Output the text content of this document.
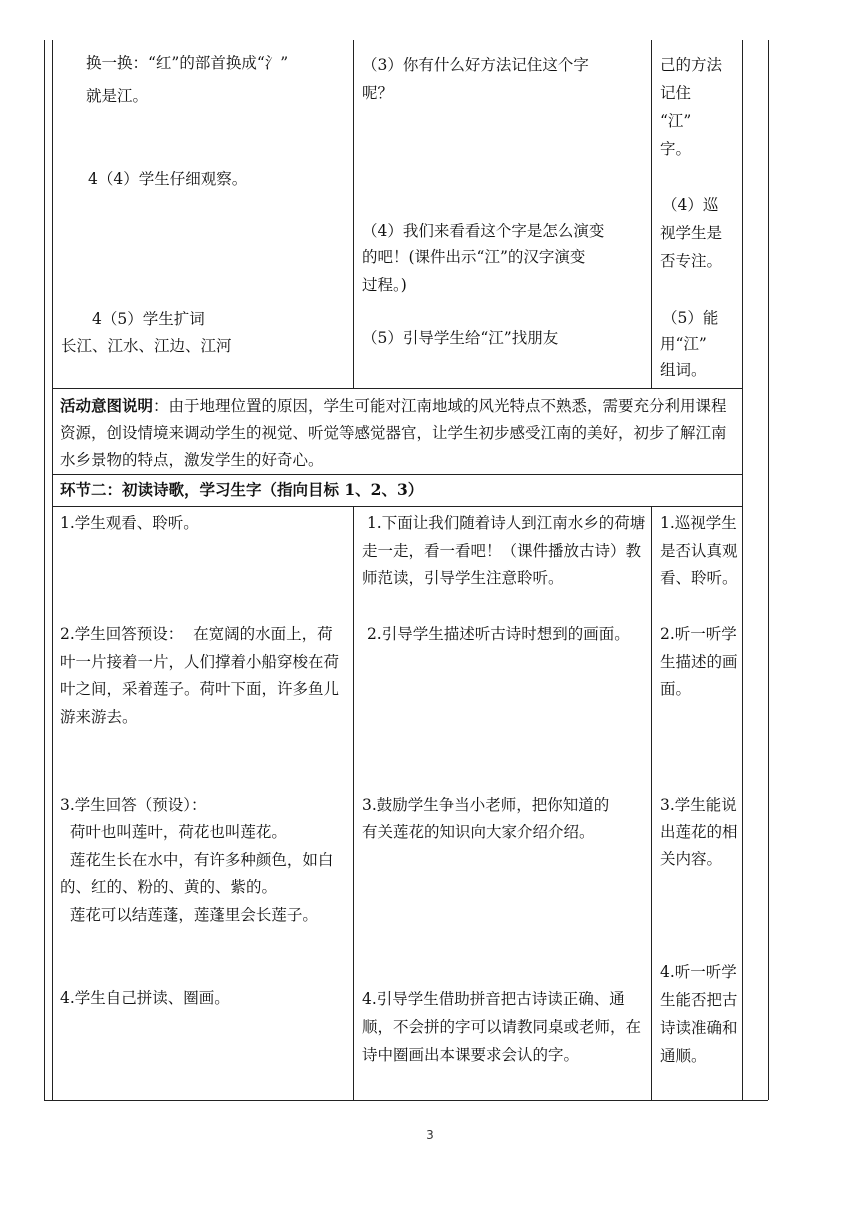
换一换：“红”的部首换成“氵”
就是江。
4（4）学生仔细观察。
4（5）学生扩词
长江、江水、江边、江河
（3）你有什么好方法记住这个字
呢？
（4）我们来看看这个字是怎么演变
的吧！(课件出示“江”的汉字演变
过程。)
（5）引导学生给“江”找朋友
己的方法
记住
“江”
字。
（4）巡
视学生是
否专注。
（5）能
用“江”
组词。
活动意图说明：由于地理位置的原因，学生可能对江南地域的风光特点不熟悉，需要充分利用课程资源，创设情境来调动学生的视觉、听觉等感觉器官，让学生初步感受江南的美好，初步了解江南水乡景物的特点，激发学生的好奇心。
环节二：初读诗歌，学习生字（指向目标 1、2、3）
1.学生观看、聆听。
2.学生回答预设：  在宽阔的水面上，荷叶一片接着一片，人们撑着小船穿梭在荷叶之间，采着莲子。荷叶下面，许多鱼儿游来游去。
3.学生回答（预设）：
荷叶也叫莲叶，荷花也叫莲花。
莲花生长在水中，有许多种颜色，如白的、红的、粉的、黄的、紫的。
莲花可以结莲蓬，莲蓬里会长莲子。
4.学生自己拼读、圈画。
1.下面让我们随着诗人到江南水乡的荷塘走一走，看一看吧！（课件播放古诗）教师范读，引导学生注意聆听。
2.引导学生描述听古诗时想到的画面。
3.鼓励学生争当小老师，把你知道的有关莲花的知识向大家介绍介绍。
4.引导学生借助拼音把古诗读正确、通顺，不会拼的字可以请教同桌或老师，在诗中圈画出本课要求会认的字。
1.巡视学生是否认真观看、聆听。
2.听一听学生描述的画面。
3.学生能说出莲花的相关内容。
4.听一听学生能否把古诗读准确和通顺。
3
